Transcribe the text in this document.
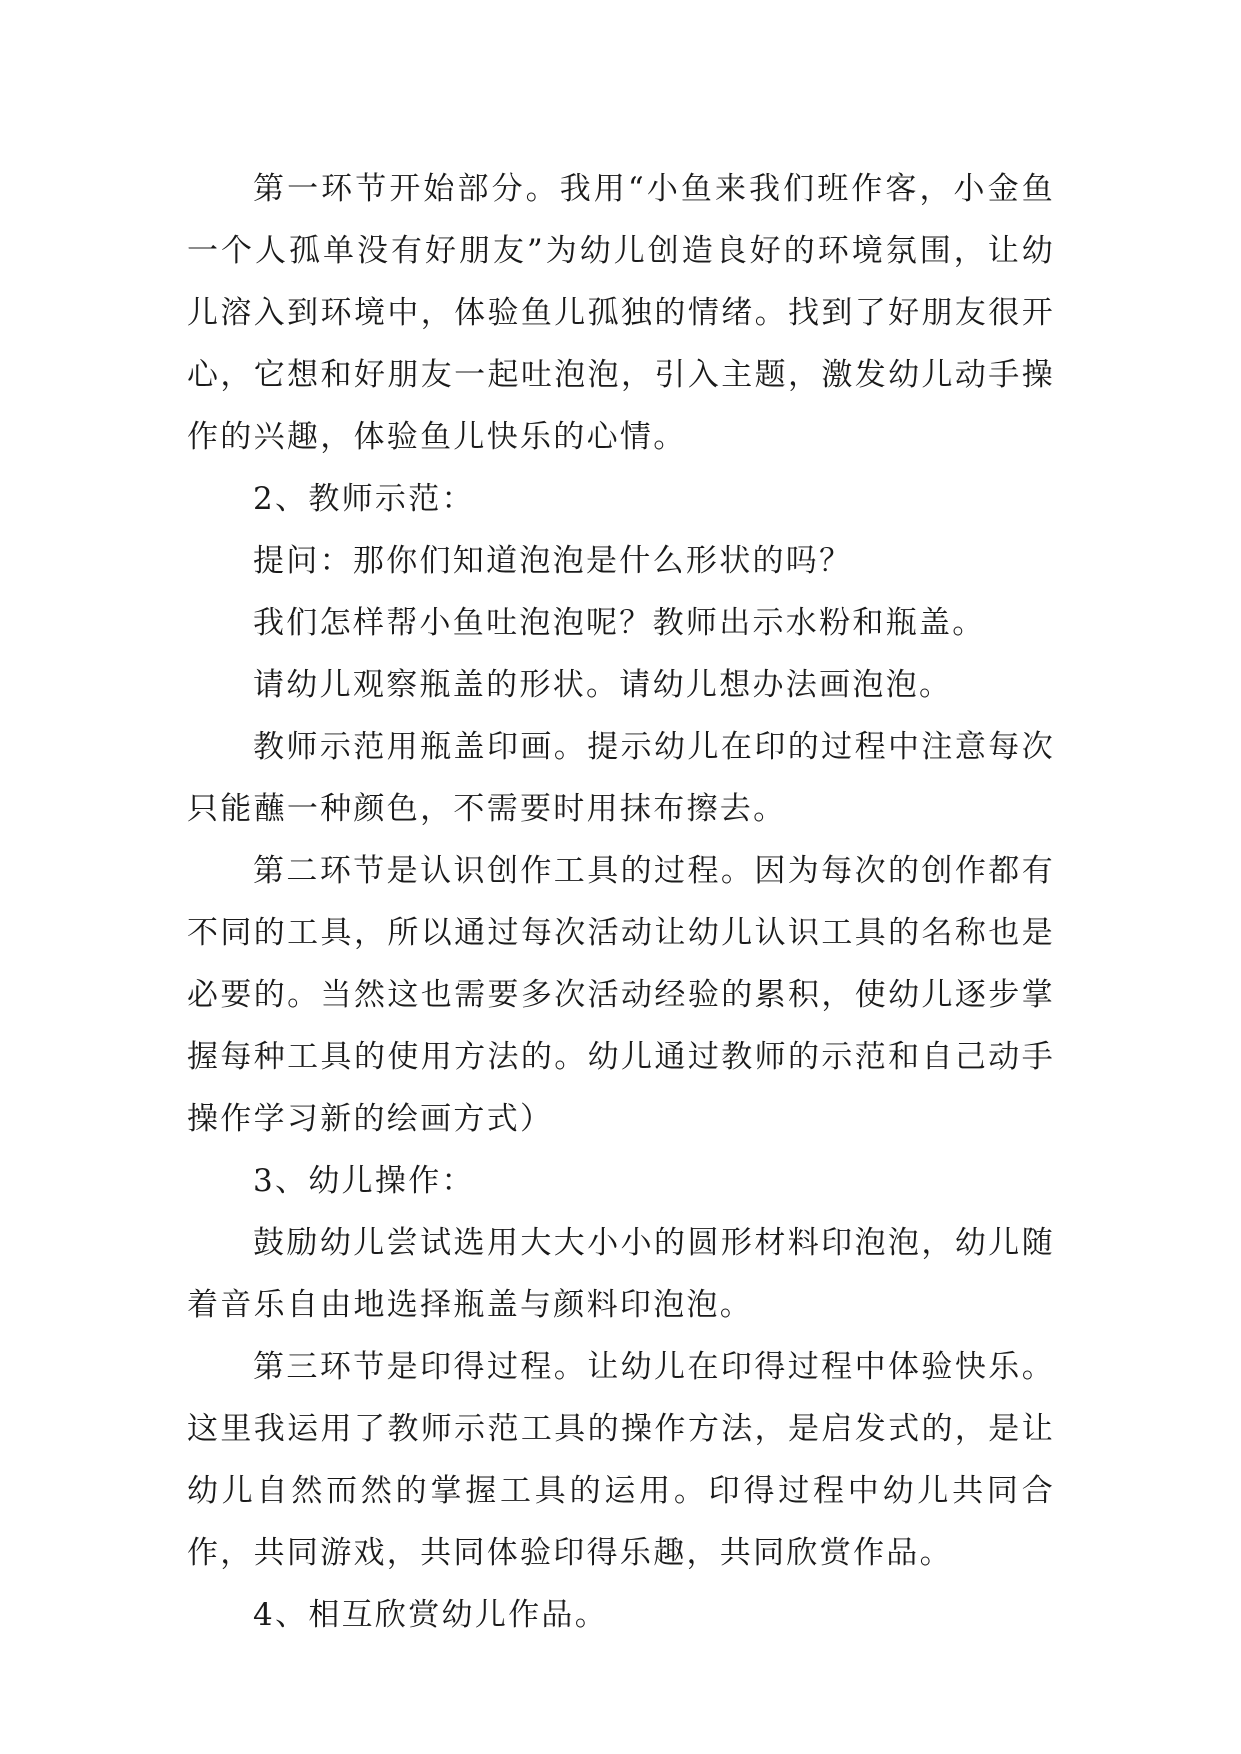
第一环节开始部分。我用“小鱼来我们班作客，小金鱼一个人孤单没有好朋友”为幼儿创造良好的环境氛围，让幼儿溶入到环境中，体验鱼儿孤独的情绪。找到了好朋友很开心，它想和好朋友一起吐泡泡，引入主题，激发幼儿动手操作的兴趣，体验鱼儿快乐的心情。

2、教师示范：

提问：那你们知道泡泡是什么形状的吗？

我们怎样帮小鱼吐泡泡呢？教师出示水粉和瓶盖。

请幼儿观察瓶盖的形状。请幼儿想办法画泡泡。

教师示范用瓶盖印画。提示幼儿在印的过程中注意每次只能蘸一种颜色，不需要时用抹布擦去。

第二环节是认识创作工具的过程。因为每次的创作都有不同的工具，所以通过每次活动让幼儿认识工具的名称也是必要的。当然这也需要多次活动经验的累积，使幼儿逐步掌握每种工具的使用方法的。幼儿通过教师的示范和自己动手操作学习新的绘画方式）

3、幼儿操作：

鼓励幼儿尝试选用大大小小的圆形材料印泡泡，幼儿随着音乐自由地选择瓶盖与颜料印泡泡。

第三环节是印得过程。让幼儿在印得过程中体验快乐。这里我运用了教师示范工具的操作方法，是启发式的，是让幼儿自然而然的掌握工具的运用。印得过程中幼儿共同合作，共同游戏，共同体验印得乐趣，共同欣赏作品。

4、相互欣赏幼儿作品。
